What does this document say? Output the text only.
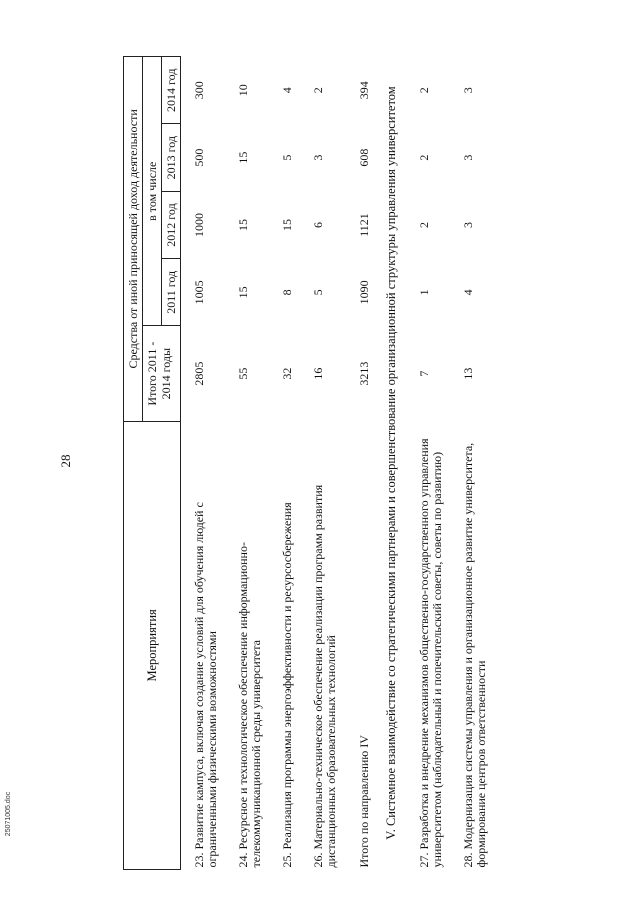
28
Мероприятия	Средства от иной приносящей доход деятельности				
	Итого 2011 - 2014 годы	в том числе			
		2011 год	2012 год	2013 год	2014 год
23. Развитие кампуса, включая создание условий для обучения людей с ограниченными физическими возможностями	2805	1005	1000	500	300
24. Ресурсное и технологическое обеспечение информационно-телекоммуникационной среды университета	55	15	15	15	10
25. Реализация программы энергоэффективности и ресурсосбережения	32	8	15	5	4
26. Материально-техническое обеспечение реализации программ развития дистанционных образовательных технологий	16	5	6	3	2
Итого по направлению IV	3213	1090	1121	608	394
V. Системное взаимодействие со стратегическими партнерами и совершенствование организационной структуры управления университетом					
27. Разработка и внедрение механизмов общественно-государственного управления университетом (наблюдательный и попечительский советы, советы по развитию)	7	1	2	2	2
28. Модернизация системы управления и организационное развитие университета, формирование центров ответственности	13	4	3	3	3
25071005.doc
